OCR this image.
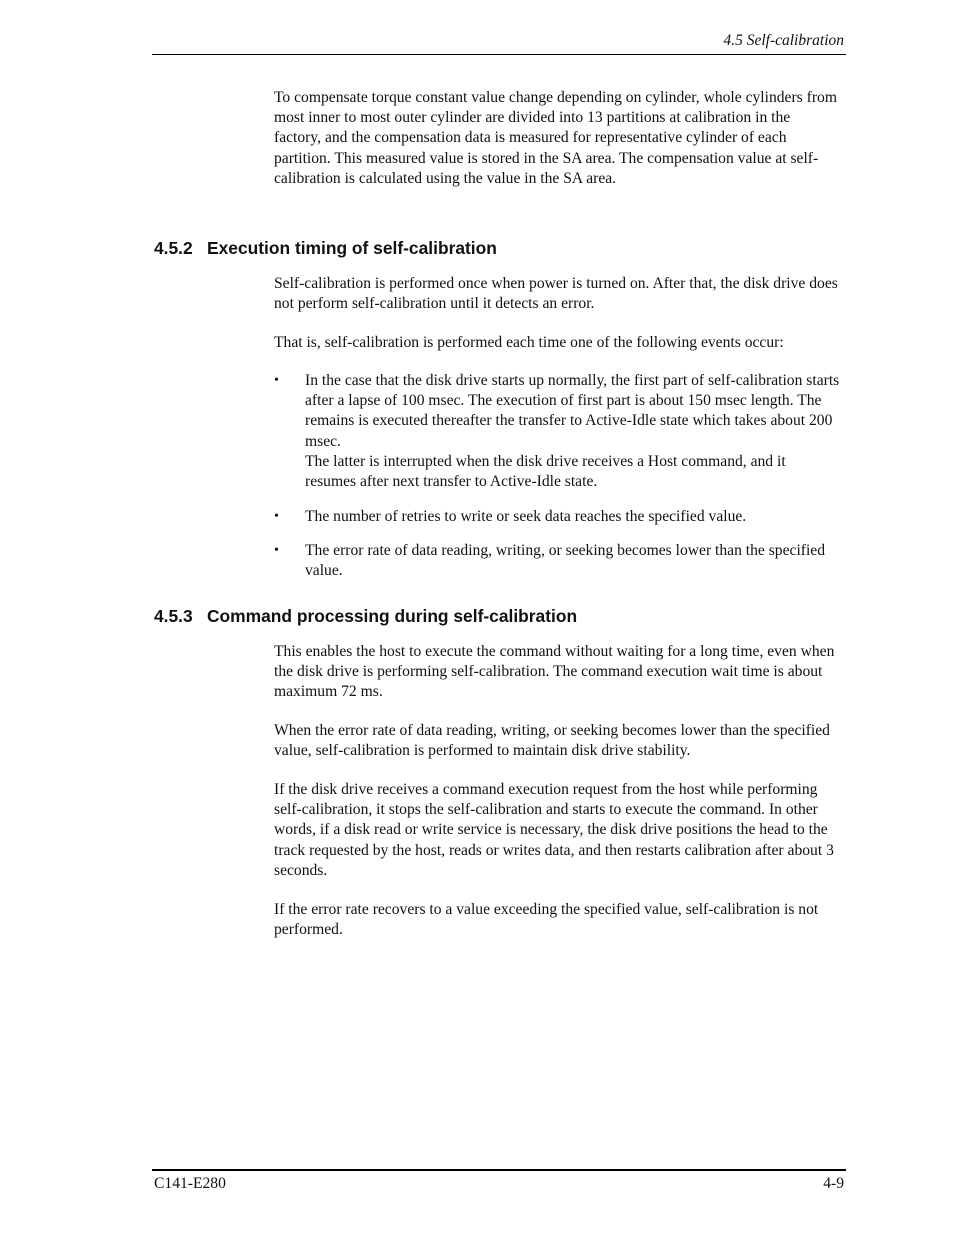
4.5 Self-calibration

To compensate torque constant value change depending on cylinder, whole cylinders from most inner to most outer cylinder are divided into 13 partitions at calibration in the factory, and the compensation data is measured for representative cylinder of each partition. This measured value is stored in the SA area. The compensation value at self-calibration is calculated using the value in the SA area.

4.5.2 Execution timing of self-calibration

Self-calibration is performed once when power is turned on. After that, the disk drive does not perform self-calibration until it detects an error.

That is, self-calibration is performed each time one of the following events occur:

• In the case that the disk drive starts up normally, the first part of self-calibration starts after a lapse of 100 msec. The execution of first part is about 150 msec length. The remains is executed thereafter the transfer to Active-Idle state which takes about 200 msec.
The latter is interrupted when the disk drive receives a Host command, and it resumes after next transfer to Active-Idle state.
• The number of retries to write or seek data reaches the specified value.
• The error rate of data reading, writing, or seeking becomes lower than the specified value.
4.5.3 Command processing during self-calibration

This enables the host to execute the command without waiting for a long time, even when the disk drive is performing self-calibration. The command execution wait time is about maximum 72 ms.

When the error rate of data reading, writing, or seeking becomes lower than the specified value, self-calibration is performed to maintain disk drive stability.

If the disk drive receives a command execution request from the host while performing self-calibration, it stops the self-calibration and starts to execute the command. In other words, if a disk read or write service is necessary, the disk drive positions the head to the track requested by the host, reads or writes data, and then restarts calibration after about 3 seconds.

If the error rate recovers to a value exceeding the specified value, self-calibration is not performed.

C141-E280	4-9
